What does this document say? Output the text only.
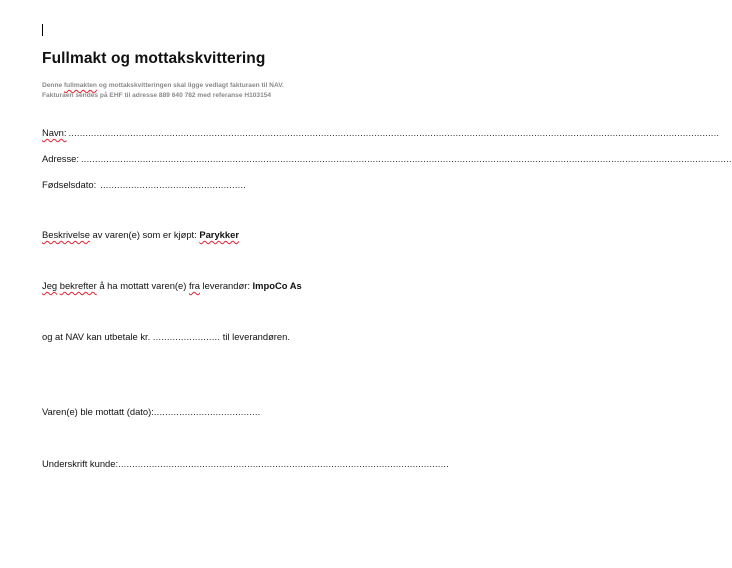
Fullmakt og mottakskvittering
Denne fullmakten og mottakskvitteringen skal ligge vedlagt fakturaen til NAV.
Fakturaen sendes på EHF til adresse 889 640 782 med referanse H103154
Navn: ........................................................................................................................................................................................................................................
Adresse: ........................................................................................................................................................................................................................................
Fødselsdato: ....................................................
Beskrivelse av varen(e) som er kjøpt: Parykker
Jeg
bekrefter å ha mottatt varen(e) fra leverandør: ImpoCo As
og at NAV kan utbetale kr. ........................ til leverandøren.
Varen(e) ble mottatt (dato): ......................................
Underskrift kunde: ......................................................................................................................
